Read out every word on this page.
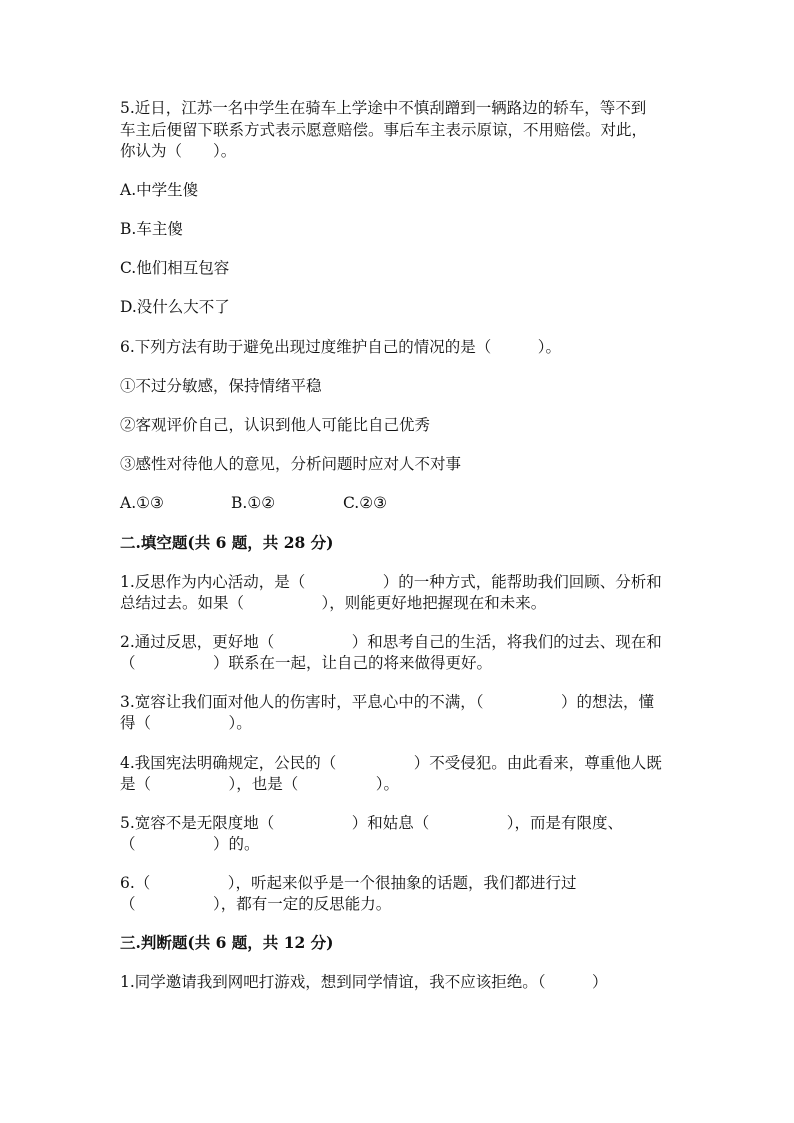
5.近日，江苏一名中学生在骑车上学途中不慎刮蹭到一辆路边的轿车，等不到
车主后便留下联系方式表示愿意赔偿。事后车主表示原谅，不用赔偿。对此，
你认为（　　）。
A.中学生傻
B.车主傻
C.他们相互包容
D.没什么大不了
6.下列方法有助于避免出现过度维护自己的情况的是（　　　）。
①不过分敏感，保持情绪平稳
②客观评价自己，认识到他人可能比自己优秀
③感性对待他人的意见，分析问题时应对人不对事
A.①③	B.①②	C.②③
二.填空题(共 6 题，共 28 分)
1.反思作为内心活动，是（　　　　　）的一种方式，能帮助我们回顾、分析和
总结过去。如果（　　　　　），则能更好地把握现在和未来。
2.通过反思，更好地（　　　　　）和思考自己的生活，将我们的过去、现在和
（　　　　　）联系在一起，让自己的将来做得更好。
3.宽容让我们面对他人的伤害时，平息心中的不满，（　　　　　）的想法，懂
得（　　　　　）。
4.我国宪法明确规定，公民的（　　　　　）不受侵犯。由此看来，尊重他人既
是（　　　　　），也是（　　　　　）。
5.宽容不是无限度地（　　　　　）和姑息（　　　　　），而是有限度、
（　　　　　）的。
6.（　　　　　），听起来似乎是一个很抽象的话题，我们都进行过
（　　　　　），都有一定的反思能力。
三.判断题(共 6 题，共 12 分)
1.同学邀请我到网吧打游戏，想到同学情谊，我不应该拒绝。（　　　）
